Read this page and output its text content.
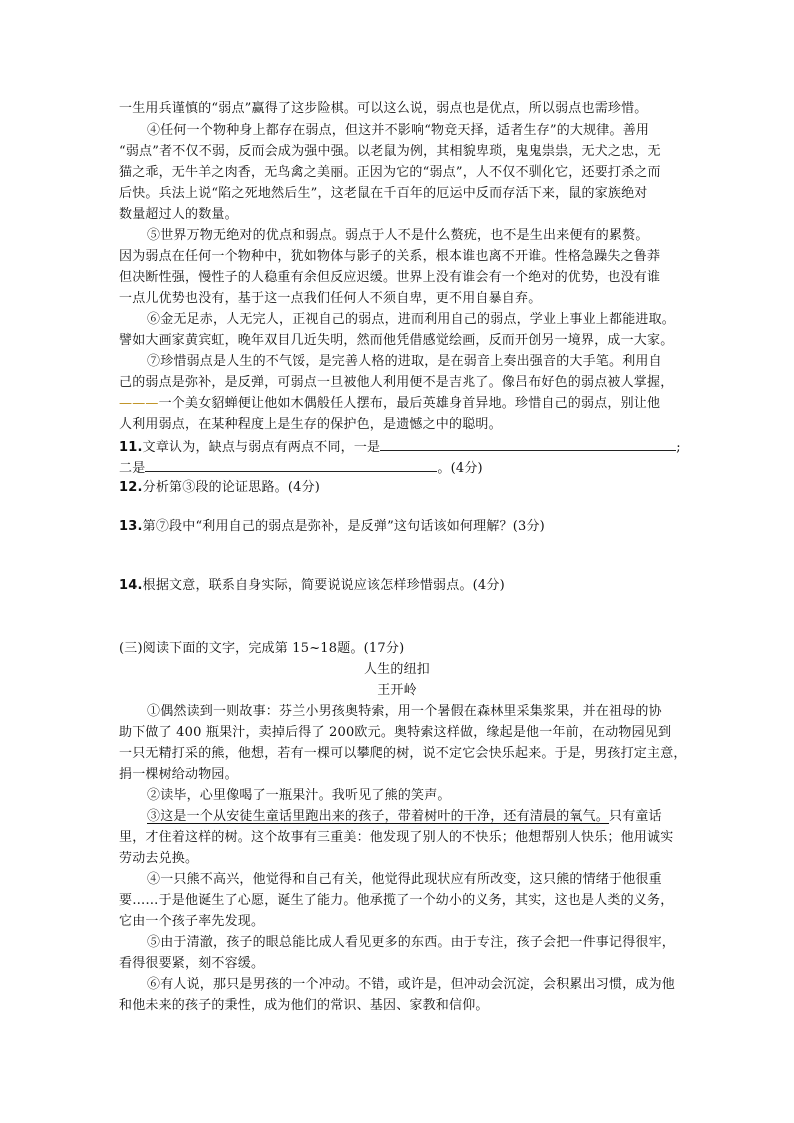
一生用兵谨慎的“弱点”赢得了这步险棋。可以这么说，弱点也是优点，所以弱点也需珍惜。
④任何一个物种身上都存在弱点，但这并不影响“物竞天择，适者生存”的大规律。善用
“弱点”者不仅不弱，反而会成为强中强。以老鼠为例，其相貌卑琐，鬼鬼祟祟，无犬之忠，无
猫之乖，无牛羊之肉香，无鸟禽之美丽。正因为它的“弱点”，人不仅不驯化它，还要打杀之而
后快。兵法上说“陷之死地然后生”，这老鼠在千百年的厄运中反而存活下来，鼠的家族绝对
数量超过人的数量。
⑤世界万物无绝对的优点和弱点。弱点于人不是什么赘疣，也不是生出来便有的累赘。
因为弱点在任何一个物种中，犹如物体与影子的关系，根本谁也离不开谁。性格急躁失之鲁莽
但决断性强，慢性子的人稳重有余但反应迟缓。世界上没有谁会有一个绝对的优势，也没有谁
一点儿优势也没有，基于这一点我们任何人不须自卑，更不用自暴自弃。
⑥金无足赤，人无完人，正视自己的弱点，进而利用自己的弱点，学业上事业上都能进取。
譬如大画家黄宾虹，晚年双目几近失明，然而他凭借感觉绘画，反而开创另一境界，成一大家。
⑦珍惜弱点是人生的不气馁，是完善人格的进取，是在弱音上奏出强音的大手笔。利用自
己的弱点是弥补，是反弹，可弱点一旦被他人利用便不是吉兆了。像吕布好色的弱点被人掌握，
———一个美女貂蝉便让他如木偶般任人摆布，最后英雄身首异地。珍惜自己的弱点，别让他
人利用弱点，在某种程度上是生存的保护色，是遗憾之中的聪明。
11.文章认为，缺点与弱点有两点不同，一是	;
二是	。(4分)
12.分析第③段的论证思路。(4分)
13.第⑦段中“利用自己的弱点是弥补，是反弹”这句话该如何理解？(3分)
14.根据文意，联系自身实际，简要说说应该怎样珍惜弱点。(4分)
(三)阅读下面的文字，完成第 15~18题。(17分)
人生的纽扣
王开岭
①偶然读到一则故事：芬兰小男孩奥特索，用一个暑假在森林里采集浆果，并在祖母的协
助下做了 400 瓶果汁，卖掉后得了 200欧元。奥特索这样做，缘起是他一年前，在动物园见到
一只无精打采的熊，他想，若有一棵可以攀爬的树，说不定它会快乐起来。于是，男孩打定主意，
捐一棵树给动物园。
②读毕，心里像喝了一瓶果汁。我听见了熊的笑声。
③这是一个从安徒生童话里跑出来的孩子，带着树叶的干净，还有清晨的氧气。只有童话
里，才住着这样的树。这个故事有三重美：他发现了别人的不快乐；他想帮别人快乐；他用诚实
劳动去兑换。
④一只熊不高兴，他觉得和自己有关，他觉得此现状应有所改变，这只熊的情绪于他很重
要……于是他诞生了心愿，诞生了能力。他承揽了一个幼小的义务，其实，这也是人类的义务，
它由一个孩子率先发现。
⑤由于清澈，孩子的眼总能比成人看见更多的东西。由于专注，孩子会把一件事记得很牢，
看得很要紧，刻不容缓。
⑥有人说，那只是男孩的一个冲动。不错，或许是，但冲动会沉淀，会积累出习惯，成为他
和他未来的孩子的秉性，成为他们的常识、基因、家教和信仰。
